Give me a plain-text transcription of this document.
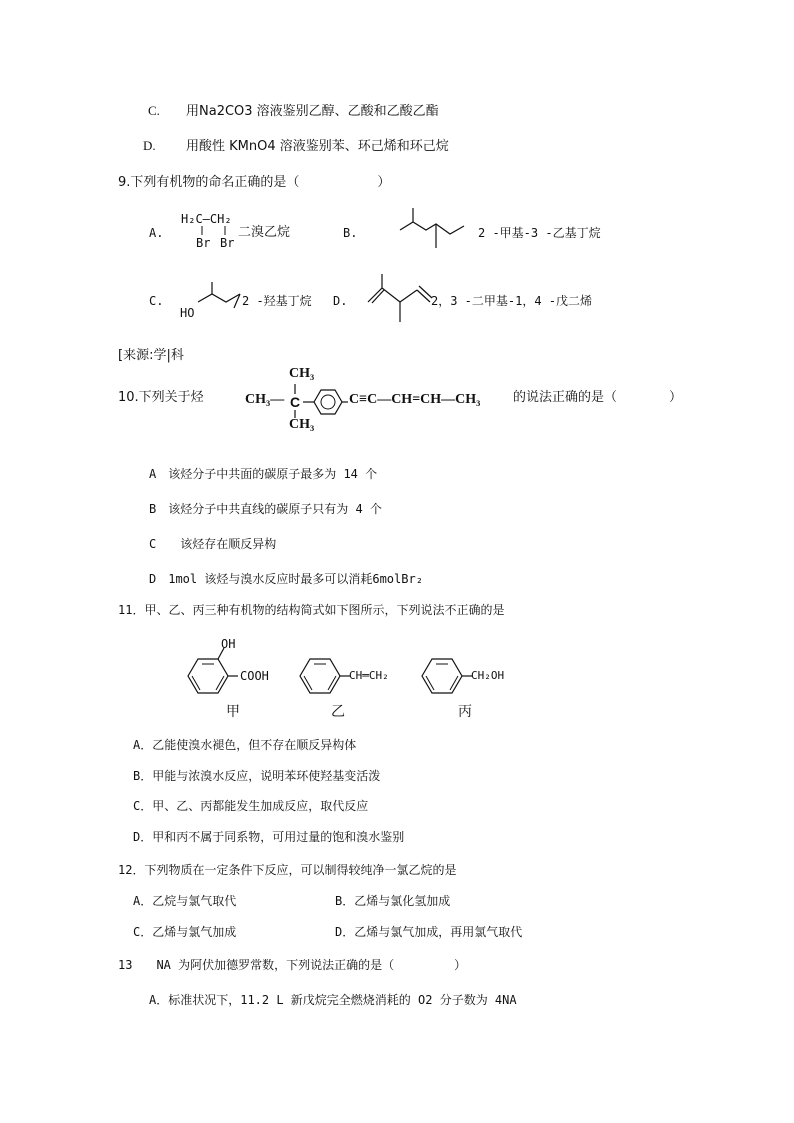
C. 用Na2CO3 溶液鉴别乙醇、乙酸和乙酸乙酯
D. 用酸性 KMnO4 溶液鉴别苯、环己烯和环己烷
9.下列有机物的命名正确的是（　　　　　　）
A.
H₂C—CH₂
Br Br
二溴乙烷	B.	2 -甲基-3 -乙基丁烷
C.
HO
2 -羟基丁烷 D.	2，3 -二甲基-1，4 -戊二烯
[来源:学|科
10.下列关于烃
CH₃
CH₃—
CH₃
C	C≡C—CH=CH—CH₃	的说法正确的是（　　　　）
A　该烃分子中共面的碳原子最多为 14 个
B　该烃分子中共直线的碳原子只有为 4 个
C　　该烃存在顺反异构
D　1mol 该烃与溴水反应时最多可以消耗6molBr₂
11．甲、乙、丙三种有机物的结构简式如下图所示，下列说法不正确的是
OH
COOH
甲
CH═CH₂
乙
CH₂OH
丙
A．乙能使溴水褪色，但不存在顺反异构体
B．甲能与浓溴水反应，说明苯环使羟基变活泼
C．甲、乙、丙都能发生加成反应，取代反应
D．甲和丙不属于同系物，可用过量的饱和溴水鉴别
12．下列物质在一定条件下反应，可以制得较纯净一氯乙烷的是
A．乙烷与氯气取代	B．乙烯与氯化氢加成
C．乙烯与氯气加成	D．乙烯与氯气加成，再用氯气取代
13　　NA 为阿伏加德罗常数，下列说法正确的是（　　　　　）
A．标准状况下，11.2 L 新戊烷完全燃烧消耗的 O2 分子数为 4NA
